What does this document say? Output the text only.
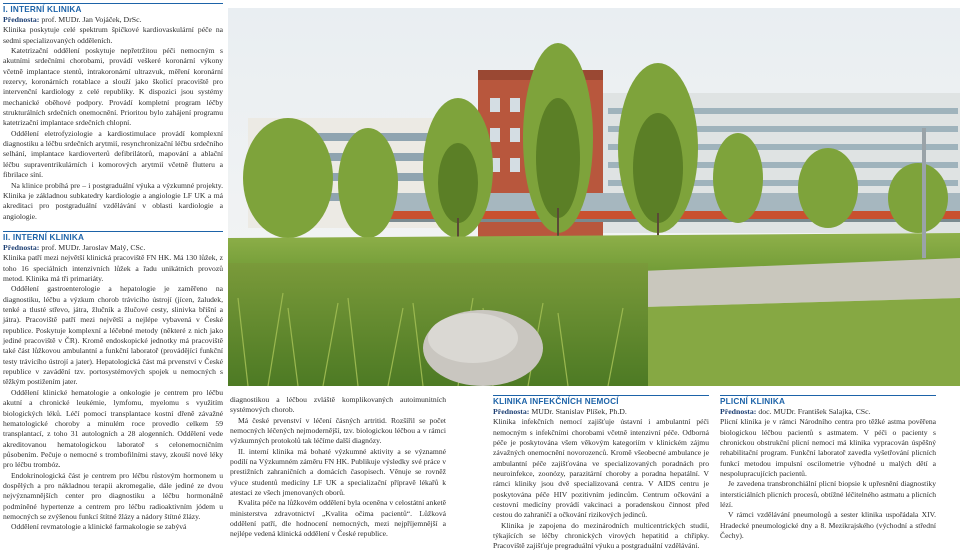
I. INTERNÍ KLINIKA
Přednosta: prof. MUDr. Jan Vojáček, DrSc.

Klinika poskytuje celé spektrum špičkové kardiovaskulární péče na sedmi specializovaných odděleních.

Katetrizační oddělení poskytuje nepřetržitou péči nemocným s akutními srdečními chorobami, provádí veškeré koronární výkony včetně implantace stentů, intrakoronární ultrazvuk, měření koronární rezervy, koronárních rotablace a slouží jako školicí pracoviště pro intervenční kardiology z celé republiky. K dispozici jsou systémy mechanické oběhové podpory. Provádí kompletní program léčby strukturálních srdečních onemocnění. Prioritou bylo zahájení programu katetrizační implantace srdečních chlopní.

Oddělení eletrofyziologie a kardiostimulace provádí komplexní diagnostiku a léčbu srdečních arytmií, resynchronizační léčbu srdečního selhání, implantace kardioverterů defibrilátorů, mapování a ablační léčbu supraventrikulárních i komorových arytmií včetně flutteru a fibrilace síní.

Na klinice probíhá pre – i postgraduální výuka a výzkumné projekty. Klinika je základnou subkatedry kardiologie a angiologie LF UK a má akreditaci pro postgraduální vzdělávání v oblasti kardiologie a angiologie.

II. INTERNÍ KLINIKA
Přednosta: prof. MUDr. Jaroslav Malý, CSc.

Klinika patří mezi největší klinická pracoviště FN HK. Má 130 lůžek, z toho 16 speciálních intenzivních lůžek a řadu unikátních provozů metod. Klinika má tři primariáty.

Oddělení gastroenterologie a hepatologie je zaměřeno na diagnostiku, léčbu a výzkum chorob trávicího ústrojí (jícen, žaludek, tenké a tlusté střevo, játra, žlučník a žlučové cesty, slinivka břišní a játra). Pracoviště patří mezi největší a nejlépe vybavená v České republice. Poskytuje komplexní a léčebné metody (některé z nich jako jediné pracoviště v ČR). Kromě endoskopické jednotky má pracoviště také část lůžkovou ambulantní a funkční laboratoř (provádějící funkční testy trávicího ústrojí a jater). Hepatologická část má prvenství v České republice v zavádění tzv. portosystémových spojek u nemocných s těžkým postižením jater.

Oddělení klinické hematologie a onkologie je centrem pro léčbu akutní a chronické leukémie, lymfomu, myelomu s využitím biologických léků. Léčí pomocí transplantace kostní dřeně závažné hematologické choroby a minulém roce provedlo celkem 59 transplantací, z toho 31 autologních a 28 alogenních. Oddělení vede akreditovanou hematologickou laboratoř s celonemocničním působením. Pečuje o nemocné s trombofilními stavy, zkouší nové léky pro léčbu trombóz.

Endokrinologická část je centrem pro léčbu růstovým hormonem u dospělých a pro nákladnou terapii akromegalie, dále jediné ze dvou nejvýznamnějších center pro diagnostiku a léčbu hormonálně podmíněné hypertenze a centrem pro léčbu radioaktivním jódem u nemocných se zvýšenou funkcí štítné žlázy a nádory štítné žlázy.

Oddělení revmatologie a klinické farmakologie se zabývá

diagnostikou a léčbou zvláště komplikovaných autoimunitních systémových chorob.

Má české prvenství v léčení čásných artritid. Rozšířil se počet nemocných léčených nejmodernější, tzv. biologickou léčbou a v rámci výzkumných protokolů tak léčíme další diagnózy.

II. interní klinika má bohaté výzkumné aktivity a se významné podílí na Výzkumném záměru FN HK. Publikuje výsledky své práce v prestižních zahraničních a domácích časopisech. Věnuje se rovněž výuce studentů medicíny LF UK a specializační přípravě lékařů k atestaci ze všech jmenovaných oborů.

Kvalita péče na lůžkovém oddělení byla oceněna v celostátní anketě ministerstva zdravotnictví „Kvalita očima pacientů“. Lůžková oddělení patří, dle hodnocení nemocných, mezi nejpříjemnější a nejlépe vedená klinická oddělení v České republice.

KLINIKA INFEKČNÍCH NEMOCÍ
Přednosta: MUDr. Stanislav Plíšek, Ph.D.

Klinika infekčních nemocí zajišťuje ústavní i ambulantní péči nemocným s infekčními chorobami včetně intenzivní péče. Odborná péče je poskytována všem věkovým kategoriím v klinickém zájmu závažných onemocnění novorozenců. Kromě všeobecné ambulance je ambulantní péče zajišťována ve specializovaných poradnách pro neuroinfekce, zoonózy, parazitární choroby a poradna hepatální. V rámci kliniky jsou dvě specializovaná centra. V AIDS centru je poskytována péče HIV pozitivním jedincům. Centrum očkování a cestovní medicíny provádí vakcinaci a poradenskou činnost před cestou do zahraničí a očkování rizikových jedinců.

Klinika je zapojena do mezinárodních multicentrických studií, týkajících se léčby chronických virových hepatitid a chřipky. Pracoviště zajišťuje pregraduální výuku a postgraduální vzdělávání.

PLICNÍ KLINIKA
Přednosta: doc. MUDr. František Salajka, CSc.

Plicní klinika je v rámci Národního centra pro těžké astma pověřena biologickou léčbou pacientů s astmatem. V péči o pacienty s chronickou obstrukční plicní nemocí má klinika vypracován úspěšný rehabilitační program. Funkční laboratoř zavedla vyšetřování plicních funkcí metodou impulsní oscilometrie výhodné u malých dětí a nespolupracujících pacientů.

Je zavedena transbronchiální plicní biopsie k upřesnění diagnostiky intersticiálních plicních procesů, obtížné léčitelného astmatu a plicních lézí.

V rámci vzdělávání pneumologů a sester klinika uspořádala XIV. Hradecké pneumologické dny a 8. Mezikrajského (východní a střední Čechy).
